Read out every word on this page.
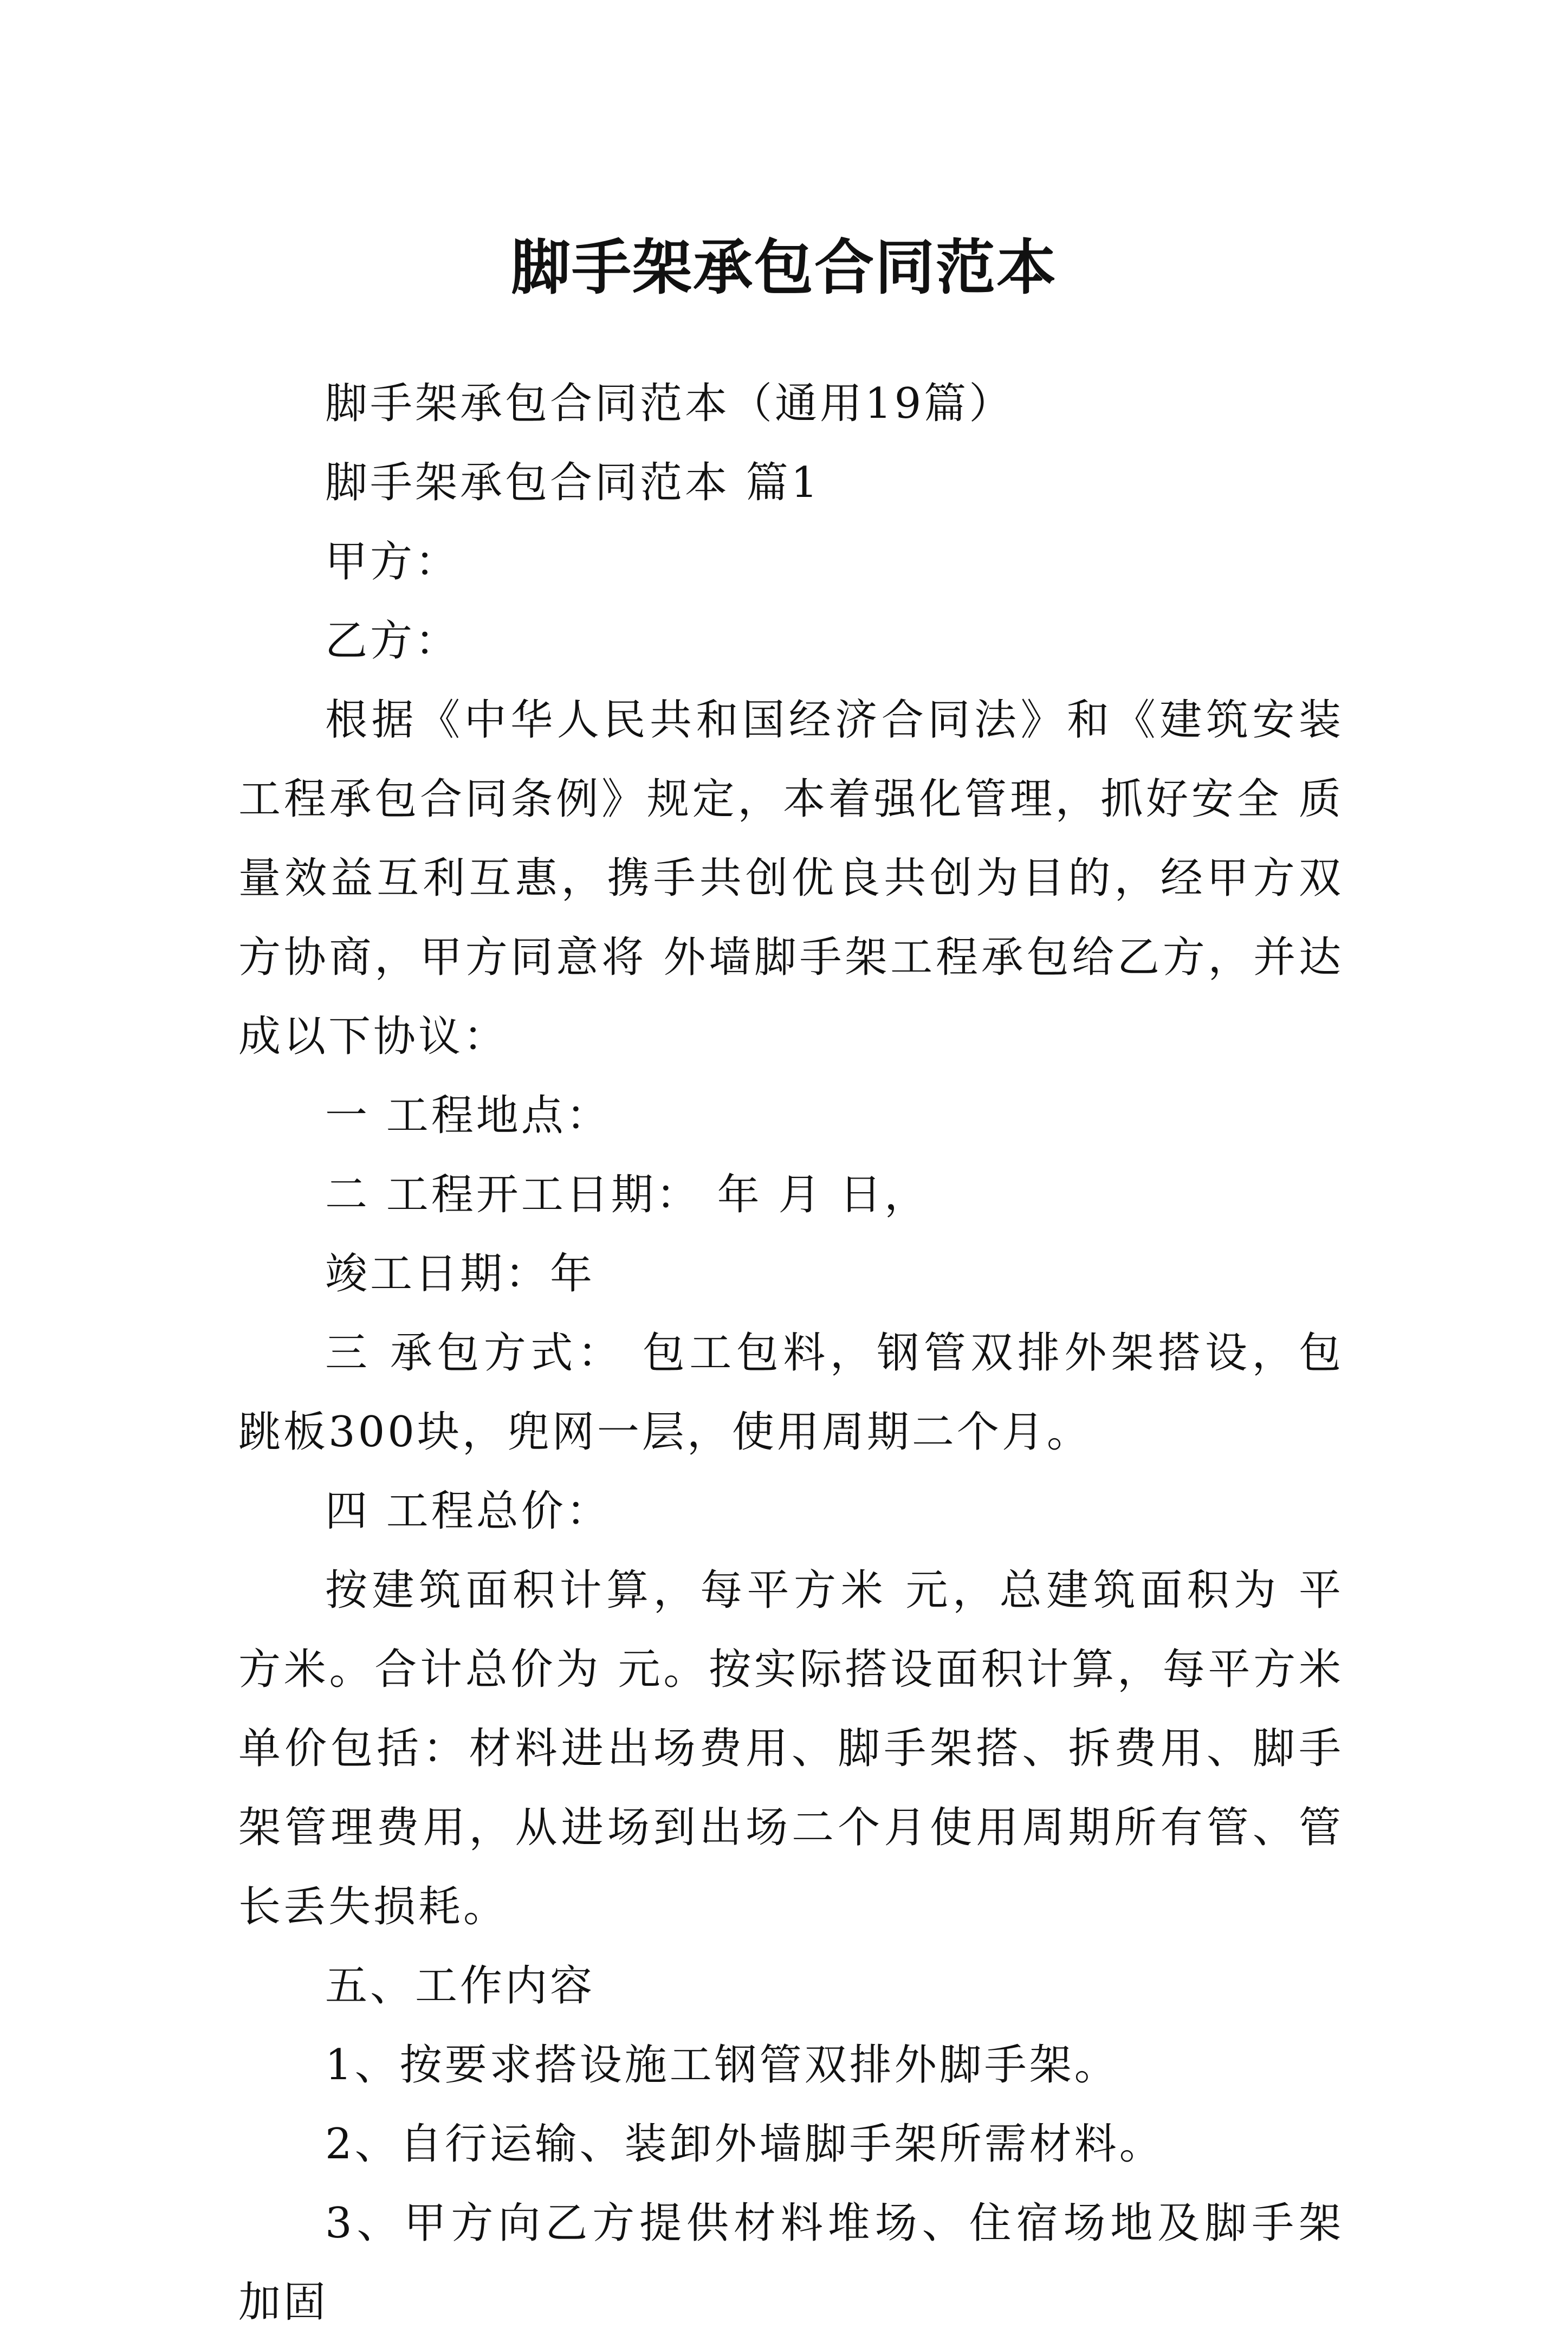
脚手架承包合同范本

脚手架承包合同范本（通用19篇）

脚手架承包合同范本 篇1

甲方：

乙方：

根据《中华人民共和国经济合同法》和《建筑安装工程承包合同条例》规定，本着强化管理，抓好安全 质量效益互利互惠，携手共创优良共创为目的，经甲方双方协商，甲方同意将 外墙脚手架工程承包给乙方，并达成以下协议：

一 工程地点：

二 工程开工日期： 年 月 日，

竣工日期：年

三 承包方式： 包工包料，钢管双排外架搭设，包跳板300块，兜网一层，使用周期二个月。

四 工程总价：

按建筑面积计算，每平方米 元，总建筑面积为 平方米。合计总价为 元。按实际搭设面积计算，每平方米单价包括：材料进出场费用、脚手架搭、拆费用、脚手架管理费用，从进场到出场二个月使用周期所有管、管长丢失损耗。

五、工作内容

1、按要求搭设施工钢管双排外脚手架。

2、自行运输、装卸外墙脚手架所需材料。

3、甲方向乙方提供材料堆场、住宿场地及脚手架加固
